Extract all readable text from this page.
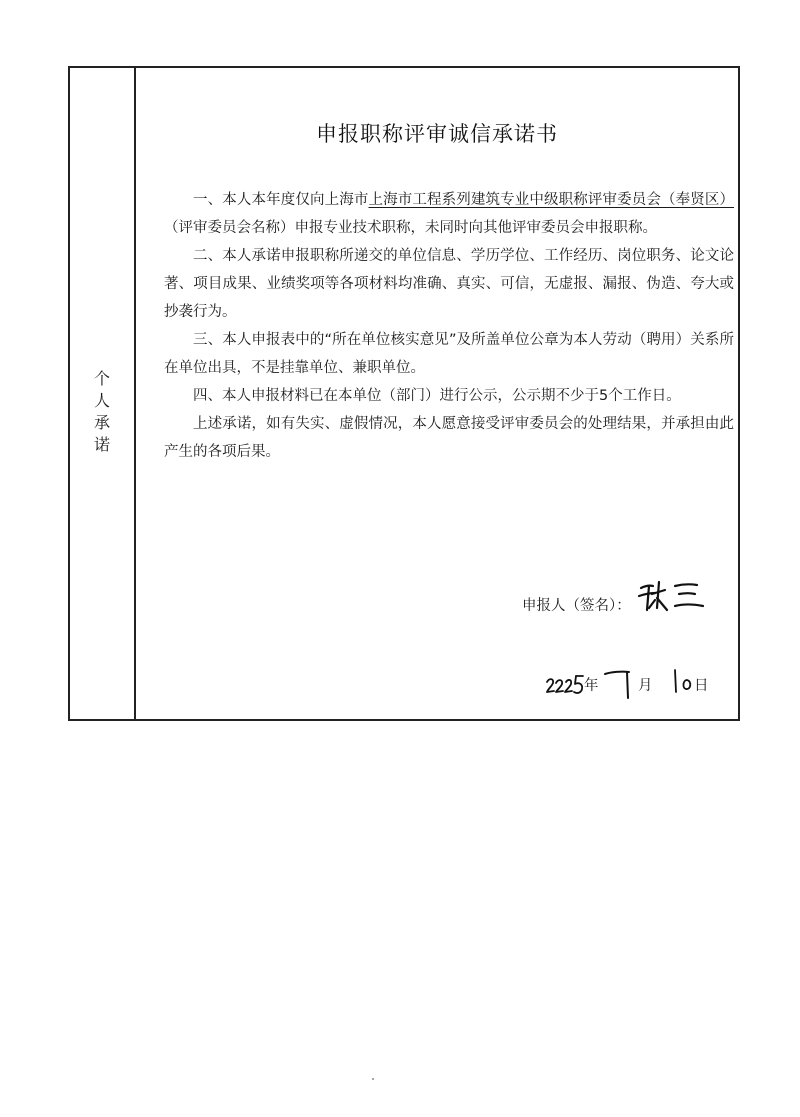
个人承诺
申报职称评审诚信承诺书

一、本人本年度仅向上海市上海市工程系列建筑专业中级职称评审委员会（奉贤区）（评审委员会名称）申报专业技术职称，未同时向其他评审委员会申报职称。

二、本人承诺申报职称所递交的单位信息、学历学位、工作经历、岗位职务、论文论著、项目成果、业绩奖项等各项材料均准确、真实、可信，无虚报、漏报、伪造、夸大或抄袭行为。

三、本人申报表中的“所在单位核实意见”及所盖单位公章为本人劳动（聘用）关系所在单位出具，不是挂靠单位、兼职单位。

四、本人申报材料已在本单位（部门）进行公示，公示期不少于5个工作日。

上述承诺，如有失实、虚假情况，本人愿意接受评审委员会的处理结果，并承担由此产生的各项后果。

申报人（签名）：
年	月	日
